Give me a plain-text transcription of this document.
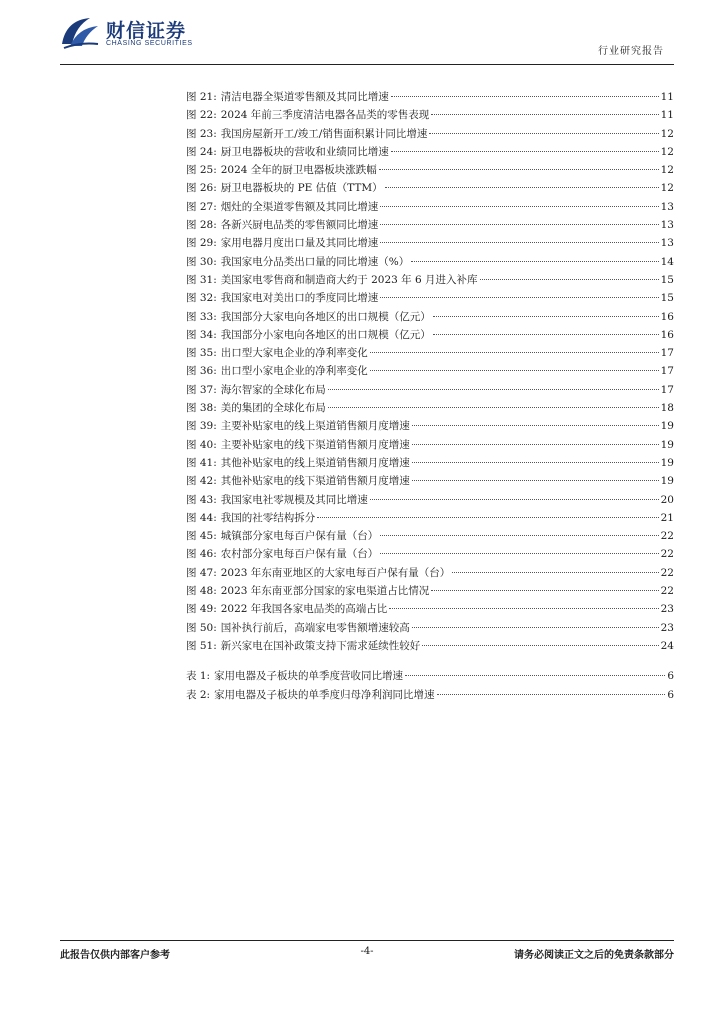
财信证券
CHASING SECURITIES
行业研究报告
图 21: 清洁电器全渠道零售额及其同比增速	11
图 22: 2024 年前三季度清洁电器各品类的零售表现	11
图 23: 我国房屋新开工/竣工/销售面积累计同比增速	12
图 24: 厨卫电器板块的营收和业绩同比增速	12
图 25: 2024 全年的厨卫电器板块涨跌幅	12
图 26: 厨卫电器板块的 PE 估值（TTM）	12
图 27: 烟灶的全渠道零售额及其同比增速	13
图 28: 各新兴厨电品类的零售额同比增速	13
图 29: 家用电器月度出口量及其同比增速	13
图 30: 我国家电分品类出口量的同比增速（%）	14
图 31: 美国家电零售商和制造商大约于 2023 年 6 月进入补库	15
图 32: 我国家电对美出口的季度同比增速	15
图 33: 我国部分大家电向各地区的出口规模（亿元）	16
图 34: 我国部分小家电向各地区的出口规模（亿元）	16
图 35: 出口型大家电企业的净利率变化	17
图 36: 出口型小家电企业的净利率变化	17
图 37: 海尔智家的全球化布局	17
图 38: 美的集团的全球化布局	18
图 39: 主要补贴家电的线上渠道销售额月度增速	19
图 40: 主要补贴家电的线下渠道销售额月度增速	19
图 41: 其他补贴家电的线上渠道销售额月度增速	19
图 42: 其他补贴家电的线下渠道销售额月度增速	19
图 43: 我国家电社零规模及其同比增速	20
图 44: 我国的社零结构拆分	21
图 45: 城镇部分家电每百户保有量（台）	22
图 46: 农村部分家电每百户保有量（台）	22
图 47: 2023 年东南亚地区的大家电每百户保有量（台）	22
图 48: 2023 年东南亚部分国家的家电渠道占比情况	22
图 49: 2022 年我国各家电品类的高端占比	23
图 50: 国补执行前后，高端家电零售额增速较高	23
图 51: 新兴家电在国补政策支持下需求延续性较好	24
表 1: 家用电器及子板块的单季度营收同比增速	6
表 2: 家用电器及子板块的单季度归母净利润同比增速	6
此报告仅供内部客户参考	-4-	请务必阅读正文之后的免责条款部分
